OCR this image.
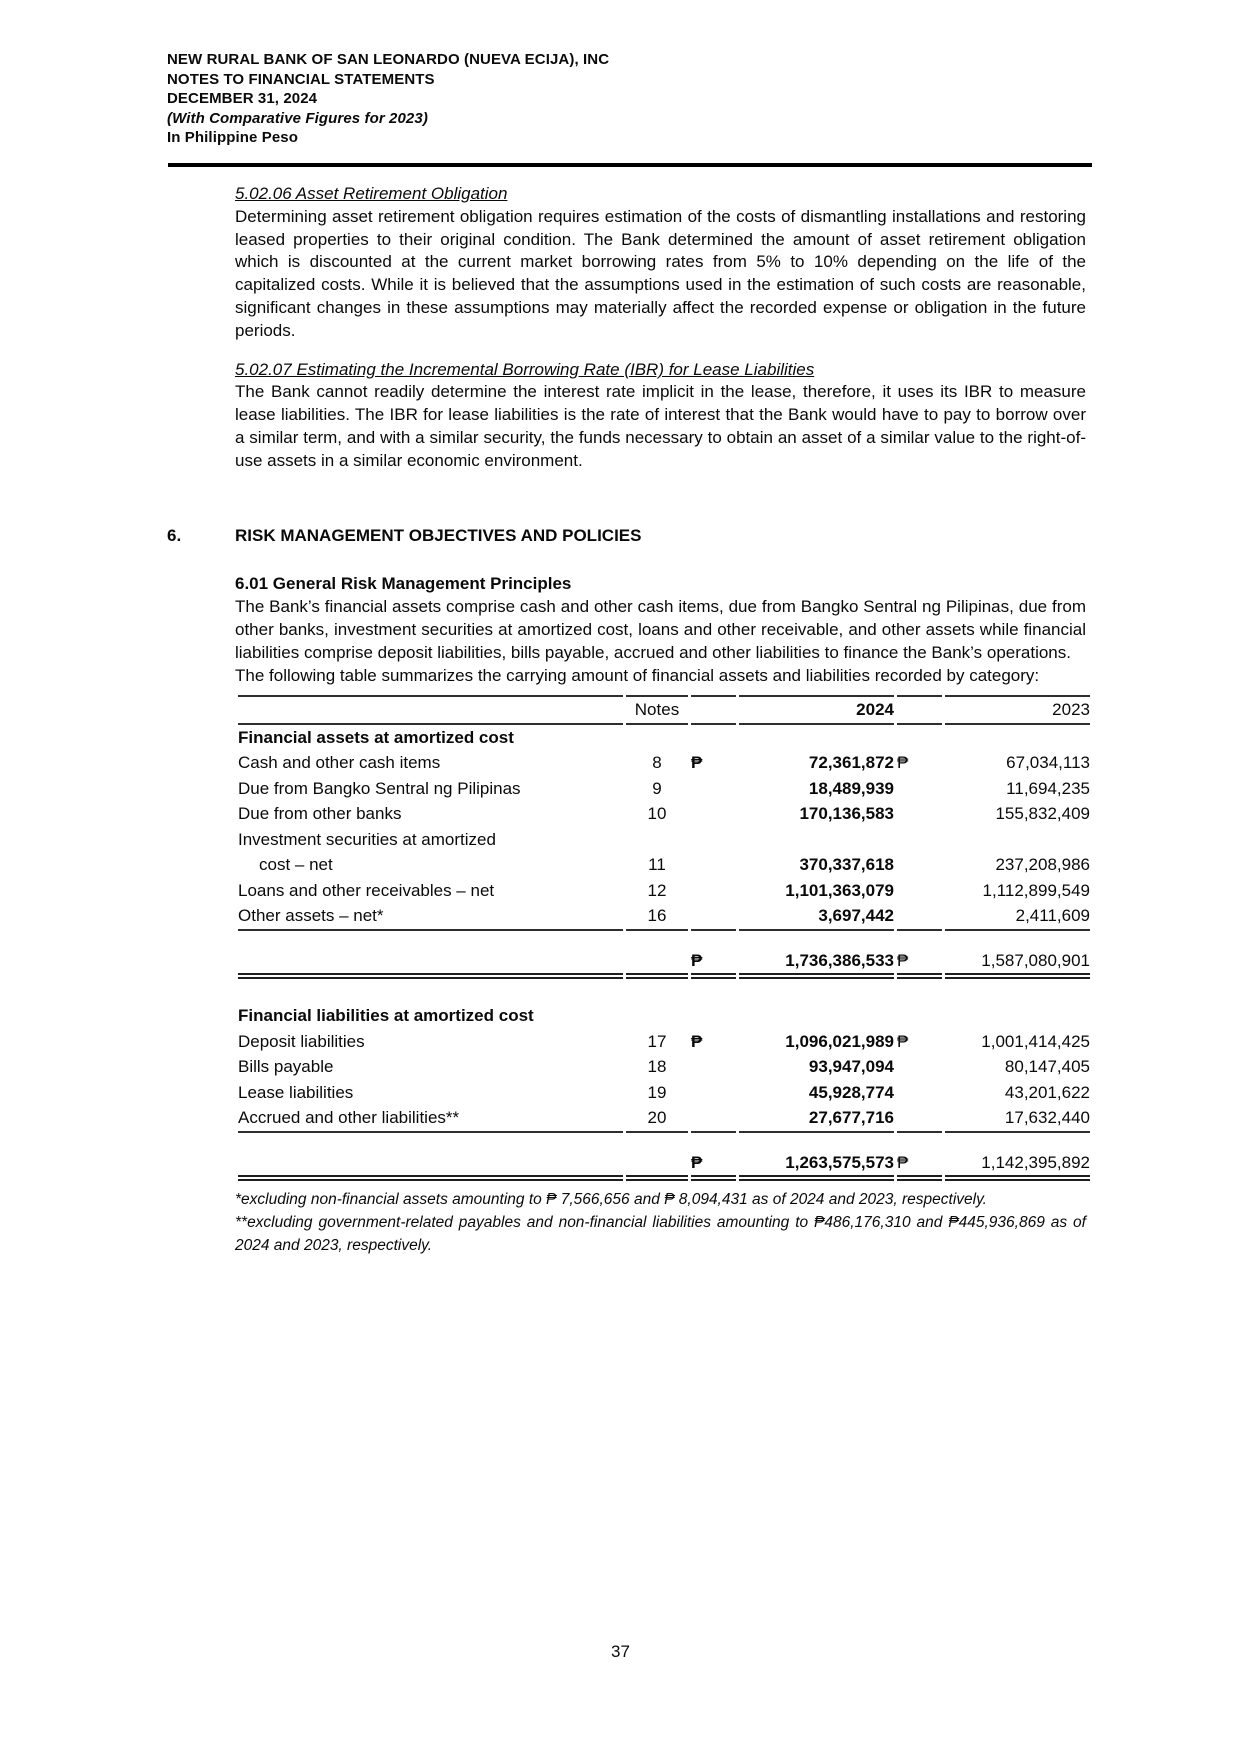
NEW RURAL BANK OF SAN LEONARDO (NUEVA ECIJA), INC
NOTES TO FINANCIAL STATEMENTS
DECEMBER 31, 2024
(With Comparative Figures for 2023)
In Philippine Peso
5.02.06 Asset Retirement Obligation

Determining asset retirement obligation requires estimation of the costs of dismantling installations and restoring leased properties to their original condition. The Bank determined the amount of asset retirement obligation which is discounted at the current market borrowing rates from 5% to 10% depending on the life of the capitalized costs. While it is believed that the assumptions used in the estimation of such costs are reasonable, significant changes in these assumptions may materially affect the recorded expense or obligation in the future periods.

5.02.07 Estimating the Incremental Borrowing Rate (IBR) for Lease Liabilities

The Bank cannot readily determine the interest rate implicit in the lease, therefore, it uses its IBR to measure lease liabilities. The IBR for lease liabilities is the rate of interest that the Bank would have to pay to borrow over a similar term, and with a similar security, the funds necessary to obtain an asset of a similar value to the right-of-use assets in a similar economic environment.

6.	RISK MANAGEMENT OBJECTIVES AND POLICIES
6.01 General Risk Management Principles

The Bank’s financial assets comprise cash and other cash items, due from Bangko Sentral ng Pilipinas, due from other banks, investment securities at amortized cost, loans and other receivable, and other assets while financial liabilities comprise deposit liabilities, bills payable, accrued and other liabilities to finance the Bank’s operations.

The following table summarizes the carrying amount of financial assets and liabilities recorded by category:

	Notes		2024		2023
Financial assets at amortized cost					
Cash and other cash items	8	₱	72,361,872	₱	67,034,113
Due from Bangko Sentral ng Pilipinas	9		18,489,939		11,694,235
Due from other banks	10		170,136,583		155,832,409
Investment securities at amortized					
cost – net	11		370,337,618		237,208,986
Loans and other receivables – net	12		1,101,363,079		1,112,899,549
Other assets – net*	16		3,697,442		2,411,609

		₱	1,736,386,533	₱	1,587,080,901

Financial liabilities at amortized cost					
Deposit liabilities	17	₱	1,096,021,989	₱	1,001,414,425
Bills payable	18		93,947,094		80,147,405
Lease liabilities	19		45,928,774		43,201,622
Accrued and other liabilities**	20		27,677,716		17,632,440

		₱	1,263,575,573	₱	1,142,395,892
*excluding non-financial assets amounting to ₱ 7,566,656 and ₱ 8,094,431 as of 2024 and 2023, respectively.
**excluding government-related payables and non-financial liabilities amounting to ₱486,176,310 and ₱445,936,869 as of 2024 and 2023, respectively.
37
